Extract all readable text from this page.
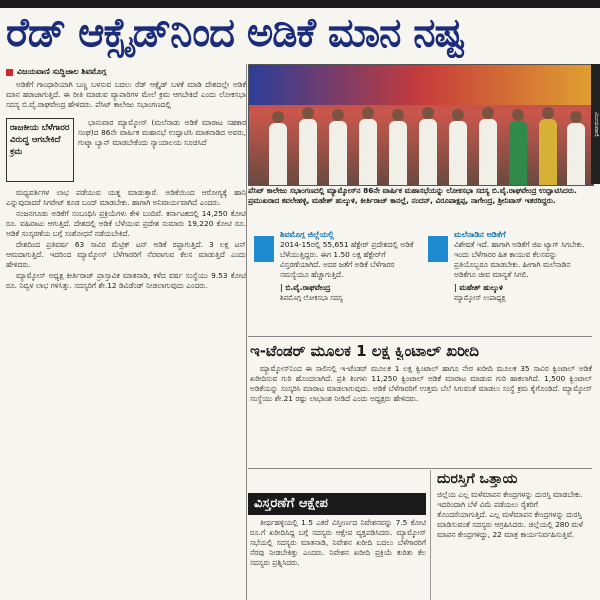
ರೆಡ್ ಆಕ್ಸೈಡ್‌ನಿಂದ ಅಡಿಕೆ ಮಾನ ನಷ್ಟ
ವಿಜಯವಾಣಿ ಸುದ್ದಿಜಾಲ ಶಿವಮೊಗ್ಗ

ಅಡಿಕೆಗೆ ಗಾಂಧಾರಿಯಾಗಿ ಬಣ್ಣ ಬಳಸುವ ಬದಲು ರೆಡ್ ಆಕ್ಸೈಡ್ ಬಳಕೆ ಮಾಡಿ ದೇಶದಲ್ಲೇ ಅಡಿಕೆ ಮಾನ ಹರಾಜಾಗುತ್ತಿದೆ. ಈ ರೀತಿ ಮಾಡುವ ವ್ಯಾಪಾರಿಗಳ ಮೇಲೆ ಕ್ರಮ ಆಗಬೇಕಿದೆ ಎಂದು ಲೋಕಸಭಾ ಸದಸ್ಯ ಬಿ.ವೈ.ರಾಘವೇಂದ್ರ ಹೇಳಿದರು. ಪೆಸಿಟ್ ಕಾಲೇಜು ಸಭಾಂಗಣದಲ್ಲಿ

ರಾಜಕೀಯ ಬೆಳೆಗಾರರ ವಿರುದ್ಧ ಆಗಬೇಕಿದೆ ಕ್ರಮ

ಭಾನುವಾರ ಮ್ಯಾಮ್ಕೋಸ್ (ಮಲೆನಾಡು ಅಡಿಕೆ ಮಾರಾಟ ಸಹಕಾರ ಸಂಘ)ದ 86ನೇ ವಾರ್ಷಿಕ ಮಹಾಸಭೆ ಉದ್ಘಾಟಿಸಿ ಮಾತನಾಡಿದ ಅವರು, ಗುಟ್ಕಾ ಬ್ಯಾನ್ ಮಾಡಬೇಕೆಂದು ನ್ಯಾಯಾಲಯ ಸೂಚಿಸಿದೆ

ಮಧ್ಯವರ್ತಿಗಳ ಲಾಭ ಪಡೆಯುವ ಯತ್ನ ಮಾಡುತ್ತಾರೆ. ಅಡಿಕೆಯಿಂದ ಆರೋಗ್ಯಕ್ಕೆ ಹಾನಿ ಎನ್ನುವುದಾದರೆ ಸಿಗರೇಟ್ ಕೂಡ ಬಂದ್ ಮಾಡಬೇಕು. ಹಾಗಾಗಿ ಅನಿವಾರ್ಯವಾಗಿದೆ ಎಂದರು.

ನಂಜನಗೂಡು ಅಡಿಕೆಗೆ ಸಂಬಂಧಿಸಿ ಪ್ರಕ್ರಿಯೆಗಳು ಕೇಳಿ ಬಂದಿವೆ. ಕರ್ನಾಟಕದಲ್ಲಿ 14,250 ಕೋಟಿ ರೂ. ವಹಿವಾಟು ಆಗುತ್ತಿದೆ. ದೇಶದಲ್ಲಿ ಅಡಿಕೆ ಬೆಳೆಯುವ ಪ್ರದೇಶ ಸುಮಾರು 19,220 ಕೋಟಿ ರೂ. ಅಡಿಕೆ ಸಂಸ್ಕರಣೆಯ ಬಗ್ಗೆ ಸಂಶೋಧನೆ ನಡೆಯಬೇಕಿದೆ.

ದೇಶದಿಂದ ಪ್ರತಿವರ್ಷ 63 ಸಾವಿರ ಮೆಟ್ರಿಕ್ ಟನ್ ಅಡಿಕೆ ರಫ್ತಾಗುತ್ತಿದೆ. 3 ಲಕ್ಷ ಟನ್ ಆಮದಾಗುತ್ತಿದೆ. ಇದರಿಂದ ಮ್ಯಾಮ್ಕೋಸ್ ಬೆಳೆಗಾರರಿಗೆ ನೆರವಾಗುವ ಕೆಲಸ ಮಾಡುತ್ತಿದೆ ಎಂದು ಹೇಳಿದರು.

ಮ್ಯಾಮ್ಕೋಸ್ ಅಧ್ಯಕ್ಷ ಕೀರ್ತಿರಾಜ್ ಪ್ರಾಸ್ತಾವಿಕ ಮಾತನಾಡಿ, ಕಳೆದ ವರ್ಷ ಸಂಸ್ಥೆಯು 9.53 ಕೋಟಿ ರೂ. ನಿವ್ವಳ ಲಾಭ ಗಳಿಸಿತ್ತು. ಸದಸ್ಯರಿಗೆ ಶೇ.12 ಡಿವಿಡೆಂಡ್ ನೀಡಲಾಗುವುದು ಎಂದರು.

ವಿಜಯವಾಣಿ
ಪೆಸಿಟ್ ಕಾಲೇಜು ಸಭಾಂಗಣದಲ್ಲಿ ಮ್ಯಾಮ್ಕೋಸ್‌ನ 86ನೇ ವಾರ್ಷಿಕ ಮಹಾಸಭೆಯನ್ನು ಲೋಕಸಭಾ ಸದಸ್ಯ ಬಿ.ವೈ.ರಾಘವೇಂದ್ರ ಉದ್ಘಾಟಿಸಿದರು. ಪ್ರಮುಖರಾದ ಕವಲೇಹಳ್ಳಿ, ಮಹೇಶ್ ಹುಲ್ಕುಳಿ, ಕೀರ್ತಿರಾಜ್ ಕಾನಲ್ಲೆ, ನಂದನ್, ವಿರೂಪಾಕ್ಷಪ್ಪ, ನಾಗೇಂದ್ರ, ಶ್ರೀನಿವಾಸ್ ಇತರರಿದ್ದರು.
ಶಿವಮೊಗ್ಗ ಜಿಲ್ಲೆಯಲ್ಲಿ
2014-15ರಲ್ಲಿ 55,651 ಹೆಕ್ಟೇರ್ ಪ್ರದೇಶದಲ್ಲಿ ಅಡಿಕೆ ಬೆಳೆಯುತ್ತಿದ್ದರು. ಈಗ 1.50 ಲಕ್ಷ ಹೆಕ್ಟೇರ್‌ಗೆ ವಿಸ್ತರಣೆಯಾಗಿದೆ. ಅದರ ಜತೆಗೆ ಅಡಿಕೆ ಬೆಳೆಗಾರರ ಸಮಸ್ಯೆಯೂ ಹೆಚ್ಚಾಗುತ್ತಿದೆ.
| ಬಿ.ವೈ.ರಾಘವೇಂದ್ರ
ಶಿವಮೊಗ್ಗ ಲೋಕಸಭಾ ಸದಸ್ಯ
ಮಲೆನಾಡಿನ ಅಡಿಕೆಗೆ
ವಿಶೇಷತೆ ಇದೆ. ಹಾಗಾಗಿ ಅಡಿಕೆಗೆ ಜಿಐ ಟ್ಯಾಗ್ ಸಿಗಬೇಕು. ಇಂದು ಬೆಳೆಗಾರರ ಹಿತ ಕಾಯುವ ಕೆಲಸವನ್ನು ಪ್ರತಿಯೊಬ್ಬರೂ ಮಾಡಬೇಕು. ಹೀಗಾಗಿ ಮಲೆನಾಡಿನ ಅಡಿಕೆಗೂ ಜೀವ ಮಾನ್ಯತೆ ಸಿಗಲಿ.
| ಮಹೇಶ್ ಹುಲ್ಕುಳಿ
ಮ್ಯಾಮ್ಕೋಸ್ ಉಪಾಧ್ಯಕ್ಷ
ಇ-ಟೆಂಡರ್ ಮೂಲಕ 1 ಲಕ್ಷ ಕ್ವಿಂಟಾಲ್ ಖರೀದಿ

ಮ್ಯಾಮ್ಕೋಸ್‌ನಿಂದ ಈ ಸಾಲಿನಲ್ಲಿ ಇ-ಟೆಂಡರ್ ಮೂಲಕ 1 ಲಕ್ಷ ಕ್ವಿಂಟಾಲ್ ಹಾಗೂ ನೇರ ಖರೀದಿ ಮೂಲಕ 35 ಸಾವಿರ ಕ್ವಿಂಟಾಲ್ ಅಡಿಕೆ ಖರೀದಿಸುವ ಗುರಿ ಹೊಂದಲಾಗಿದೆ. ಪ್ರತಿ ತಿಂಗಳು 11,250 ಕ್ವಿಂಟಾಲ್ ಅಡಿಕೆ ಮಾರಾಟ ಮಾಡುವ ಗುರಿ ಹಾಕಲಾಗಿದೆ. 1,500 ಕ್ವಿಂಟಾಲ್ ಅಡಿಕೆಯನ್ನು ಸಂಸ್ಕರಿಸಿ ಮಾರಾಟ ಮಾಡಲಾಗುವುದು. ಅಡಿಕೆ ಬೆಳೆಗಾರರಿಗೆ ಉತ್ತಮ ಬೆಲೆ ಸಿಗುವಂತೆ ಮಾಡಲು ಸಂಸ್ಥೆ ಕ್ರಮ ಕೈಗೊಂಡಿದೆ. ಮ್ಯಾಮ್ಕೋಸ್ ಸಂಸ್ಥೆಯು ಶೇ.21 ರಷ್ಟು ಲಾಭಾಂಶ ನೀಡಿದೆ ಎಂದು ಅಧ್ಯಕ್ಷರು ಹೇಳಿದರು.

ವಿಸ್ತರಣೆಗೆ ಆಕ್ಷೇಪ

ತೀರ್ಥಹಳ್ಳಿಯಲ್ಲಿ 1.5 ಎಕರೆ ವಿಸ್ತೀರ್ಣದ ನಿವೇಶನವನ್ನು 7.5 ಕೋಟಿ ರೂ.ಗೆ ಖರೀದಿಸಿದ್ದ ಬಗ್ಗೆ ಸದಸ್ಯರು ಆಕ್ಷೇಪ ವ್ಯಕ್ತಪಡಿಸಿದರು. ಮ್ಯಾಮ್ಕೋಸ್ ಸಭೆಯಲ್ಲಿ ಸದಸ್ಯರು ಮಾತನಾಡಿ, ನಿವೇಶನ ಖರೀದಿ ಬದಲು ಬೆಳೆಗಾರರಿಗೆ ನೆರವು ನೀಡಬೇಕಿತ್ತು ಎಂದರು. ನಿವೇಶನ ಖರೀದಿ ಪ್ರಕ್ರಿಯೆ ಕುರಿತು ಕೆಲ ಸದಸ್ಯರು ಪ್ರಶ್ನಿಸಿದರು.

ದುರಸ್ತಿಗೆ ಒತ್ತಾಯ
ಜಿಲ್ಲೆಯ ಎಲ್ಲ ಮಳೆಮಾಪನ ಕೇಂದ್ರಗಳನ್ನು ದುರಸ್ತಿ ಮಾಡಬೇಕು. ಇದರಿಂದಾಗಿ ಬೆಳೆ ವಿಮೆ ಪಡೆಯಲು ರೈತರಿಗೆ ತೊಂದರೆಯಾಗುತ್ತಿದೆ. ಎಲ್ಲ ಮಳೆಮಾಪನ ಕೇಂದ್ರಗಳನ್ನು ದುರಸ್ತಿ ಮಾಡಿಸುವಂತೆ ಸದಸ್ಯರು ಆಗ್ರಹಿಸಿದರು. ಜಿಲ್ಲೆಯಲ್ಲಿ 280 ಮಳೆ ಮಾಪನ ಕೇಂದ್ರಗಳಿದ್ದು, 22 ಮಾತ್ರ ಕಾರ್ಯನಿರ್ವಹಿಸುತ್ತಿವೆ.
